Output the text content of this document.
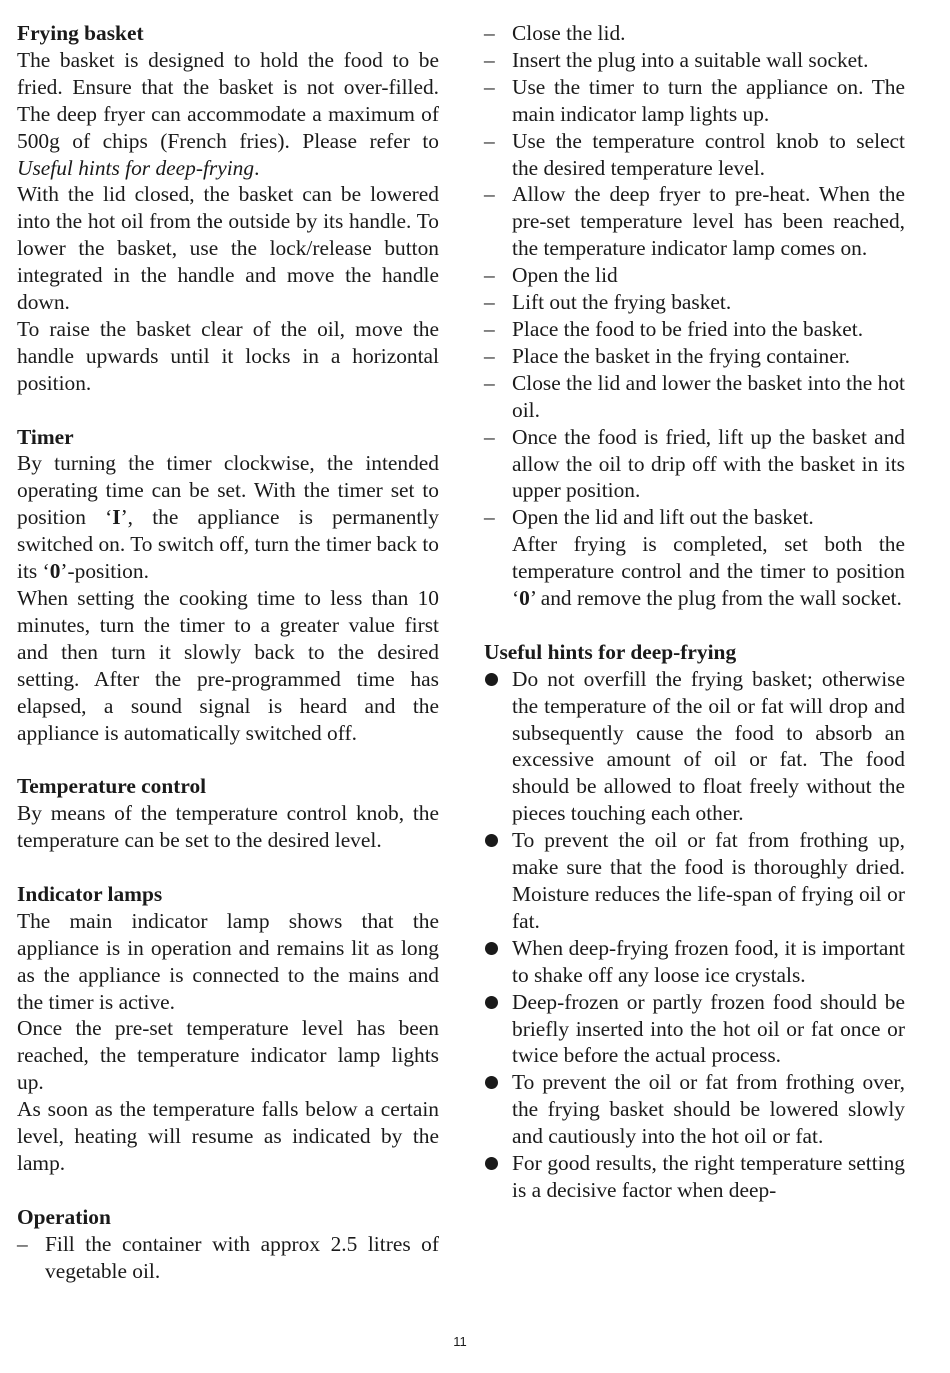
Frying basket

The basket is designed to hold the food to be fried. Ensure that the basket is not over-filled. The deep fryer can accommodate a maximum of 500g of chips (French fries). Please refer to Useful hints for deep-frying.

With the lid closed, the basket can be lowered into the hot oil from the outside by its handle. To lower the basket, use the lock/release button integrated in the handle and move the handle down.

To raise the basket clear of the oil, move the handle upwards until it locks in a horizontal position.

Timer

By turning the timer clockwise, the intended operating time can be set. With the timer set to position ‘I’, the appliance is permanently switched on. To switch off, turn the timer back to its ‘0’-position.

When setting the cooking time to less than 10 minutes, turn the timer to a greater value first and then turn it slowly back to the desired setting. After the pre-programmed time has elapsed, a sound signal is heard and the appliance is automatically switched off.

Temperature control

By means of the temperature control knob, the temperature can be set to the desired level.

Indicator lamps

The main indicator lamp shows that the appliance is in operation and remains lit as long as the appliance is connected to the mains and the timer is active.

Once the pre-set temperature level has been reached, the temperature indicator lamp lights up.

As soon as the temperature falls below a certain level, heating will resume as indicated by the lamp.

Operation
– Fill the container with approx 2.5 litres of vegetable oil.
– Close the lid.
– Insert the plug into a suitable wall socket.
– Use the timer to turn the appliance on. The main indicator lamp lights up.
– Use the temperature control knob to select the desired temperature level.
– Allow the deep fryer to pre-heat. When the pre-set temperature level has been reached, the temperature indicator lamp comes on.
– Open the lid
– Lift out the frying basket.
– Place the food to be fried into the basket.
– Place the basket in the frying container.
– Close the lid and lower the basket into the hot oil.
– Once the food is fried, lift up the basket and allow the oil to drip off with the basket in its upper position.
– Open the lid and lift out the basket.

After frying is completed, set both the temperature control and the timer to position ‘0’ and remove the plug from the wall socket.

Useful hints for deep-frying
Do not overfill the frying basket; otherwise the temperature of the oil or fat will drop and subsequently cause the food to absorb an excessive amount of oil or fat. The food should be allowed to float freely without the pieces touching each other.
To prevent the oil or fat from frothing up, make sure that the food is thoroughly dried. Moisture reduces the life-span of frying oil or fat.
When deep-frying frozen food, it is important to shake off any loose ice crystals.
Deep-frozen or partly frozen food should be briefly inserted into the hot oil or fat once or twice before the actual process.
To prevent the oil or fat from frothing over, the frying basket should be lowered slowly and cautiously into the hot oil or fat.
For good results, the right temperature setting is a decisive factor when deep-
11
